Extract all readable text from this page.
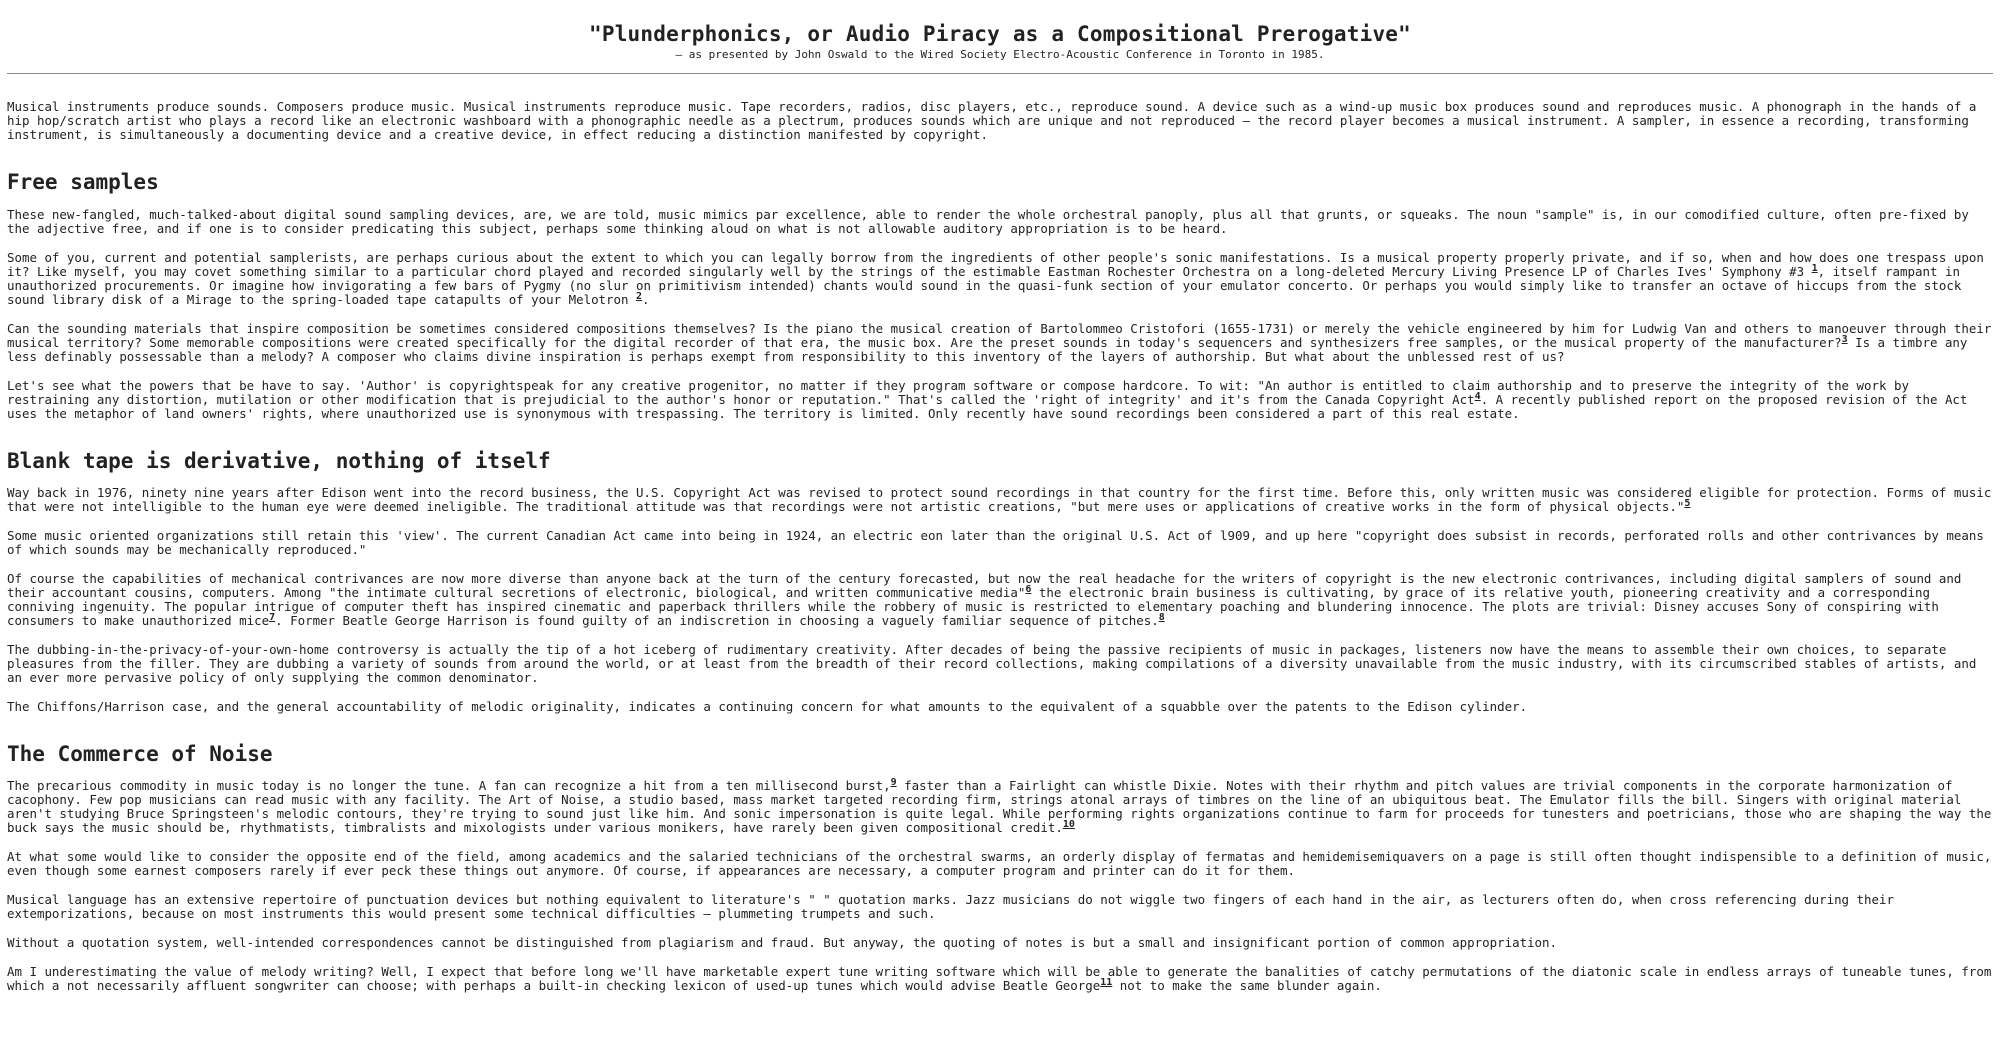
"Plunderphonics, or Audio Piracy as a Compositional Prerogative"

— as presented by John Oswald to the Wired Society Electro-Acoustic Conference in Toronto in 1985.

Musical instruments produce sounds. Composers produce music. Musical instruments reproduce music. Tape recorders, radios, disc players, etc., reproduce sound. A device such as a wind-up music box produces sound and reproduces music. A phonograph in the hands of a hip hop/scratch artist who plays a record like an electronic washboard with a phonographic needle as a plectrum, produces sounds which are unique and not reproduced — the record player becomes a musical instrument. A sampler, in essence a recording, transforming instrument, is simultaneously a documenting device and a creative device, in effect reducing a distinction manifested by copyright.

Free samples

These new-fangled, much-talked-about digital sound sampling devices, are, we are told, music mimics par excellence, able to render the whole orchestral panoply, plus all that grunts, or squeaks. The noun "sample" is, in our comodified culture, often pre-fixed by the adjective free, and if one is to consider predicating this subject, perhaps some thinking aloud on what is not allowable auditory appropriation is to be heard.

Some of you, current and potential samplerists, are perhaps curious about the extent to which you can legally borrow from the ingredients of other people's sonic manifestations. Is a musical property properly private, and if so, when and how does one trespass upon it? Like myself, you may covet something similar to a particular chord played and recorded singularly well by the strings of the estimable Eastman Rochester Orchestra on a long-deleted Mercury Living Presence LP of Charles Ives' Symphony #3 $^1$, itself rampant in unauthorized procurements. Or imagine how invigorating a few bars of Pygmy (no slur on primitivism intended) chants would sound in the quasi-funk section of your emulator concerto. Or perhaps you would simply like to transfer an octave of hiccups from the stock sound library disk of a Mirage to the spring-loaded tape catapults of your Melotron $^2$.

Can the sounding materials that inspire composition be sometimes considered compositions themselves? Is the piano the musical creation of Bartolommeo Cristofori (1655-1731) or merely the vehicle engineered by him for Ludwig Van and others to manoeuver through their musical territory? Some memorable compositions were created specifically for the digital recorder of that era, the music box. Are the preset sounds in today's sequencers and synthesizers free samples, or the musical property of the manufacturer?$^3$ Is a timbre any less definably possessable than a melody? A composer who claims divine inspiration is perhaps exempt from responsibility to this inventory of the layers of authorship. But what about the unblessed rest of us?

Let's see what the powers that be have to say. 'Author' is copyrightspeak for any creative progenitor, no matter if they program software or compose hardcore. To wit: "An author is entitled to claim authorship and to preserve the integrity of the work by restraining any distortion, mutilation or other modification that is prejudicial to the author's honor or reputation." That's called the 'right of integrity' and it's from the Canada Copyright Act$^4$. A recently published report on the proposed revision of the Act uses the metaphor of land owners' rights, where unauthorized use is synonymous with trespassing. The territory is limited. Only recently have sound recordings been considered a part of this real estate.

Blank tape is derivative, nothing of itself

Way back in 1976, ninety nine years after Edison went into the record business, the U.S. Copyright Act was revised to protect sound recordings in that country for the first time. Before this, only written music was considered eligible for protection. Forms of music that were not intelligible to the human eye were deemed ineligible. The traditional attitude was that recordings were not artistic creations, "but mere uses or applications of creative works in the form of physical objects."$^5$

Some music oriented organizations still retain this 'view'. The current Canadian Act came into being in 1924, an electric eon later than the original U.S. Act of l909, and up here "copyright does subsist in records, perforated rolls and other contrivances by means of which sounds may be mechanically reproduced."

Of course the capabilities of mechanical contrivances are now more diverse than anyone back at the turn of the century forecasted, but now the real headache for the writers of copyright is the new electronic contrivances, including digital samplers of sound and their accountant cousins, computers. Among "the intimate cultural secretions of electronic, biological, and written communicative media"$^6$ the electronic brain business is cultivating, by grace of its relative youth, pioneering creativity and a corresponding conniving ingenuity. The popular intrigue of computer theft has inspired cinematic and paperback thrillers while the robbery of music is restricted to elementary poaching and blundering innocence. The plots are trivial: Disney accuses Sony of conspiring with consumers to make unauthorized mice$^7$. Former Beatle George Harrison is found guilty of an indiscretion in choosing a vaguely familiar sequence of pitches.$^8$

The dubbing-in-the-privacy-of-your-own-home controversy is actually the tip of a hot iceberg of rudimentary creativity. After decades of being the passive recipients of music in packages, listeners now have the means to assemble their own choices, to separate pleasures from the filler. They are dubbing a variety of sounds from around the world, or at least from the breadth of their record collections, making compilations of a diversity unavailable from the music industry, with its circumscribed stables of artists, and an ever more pervasive policy of only supplying the common denominator.

The Chiffons/Harrison case, and the general accountability of melodic originality, indicates a continuing concern for what amounts to the equivalent of a squabble over the patents to the Edison cylinder.

The Commerce of Noise

The precarious commodity in music today is no longer the tune. A fan can recognize a hit from a ten millisecond burst,$^9$ faster than a Fairlight can whistle Dixie. Notes with their rhythm and pitch values are trivial components in the corporate harmonization of cacophony. Few pop musicians can read music with any facility. The Art of Noise, a studio based, mass market targeted recording firm, strings atonal arrays of timbres on the line of an ubiquitous beat. The Emulator fills the bill. Singers with original material aren't studying Bruce Springsteen's melodic contours, they're trying to sound just like him. And sonic impersonation is quite legal. While performing rights organizations continue to farm for proceeds for tunesters and poetricians, those who are shaping the way the buck says the music should be, rhythmatists, timbralists and mixologists under various monikers, have rarely been given compositional credit.$^{10}$

At what some would like to consider the opposite end of the field, among academics and the salaried technicians of the orchestral swarms, an orderly display of fermatas and hemidemisemiquavers on a page is still often thought indispensible to a definition of music, even though some earnest composers rarely if ever peck these things out anymore. Of course, if appearances are necessary, a computer program and printer can do it for them.

Musical language has an extensive repertoire of punctuation devices but nothing equivalent to literature's " " quotation marks. Jazz musicians do not wiggle two fingers of each hand in the air, as lecturers often do, when cross referencing during their extemporizations, because on most instruments this would present some technical difficulties — plummeting trumpets and such.

Without a quotation system, well-intended correspondences cannot be distinguished from plagiarism and fraud. But anyway, the quoting of notes is but a small and insignificant portion of common appropriation.

Am I underestimating the value of melody writing? Well, I expect that before long we'll have marketable expert tune writing software which will be able to generate the banalities of catchy permutations of the diatonic scale in endless arrays of tuneable tunes, from which a not necessarily affluent songwriter can choose; with perhaps a built-in checking lexicon of used-up tunes which would advise Beatle George$^{11}$ not to make the same blunder again.
